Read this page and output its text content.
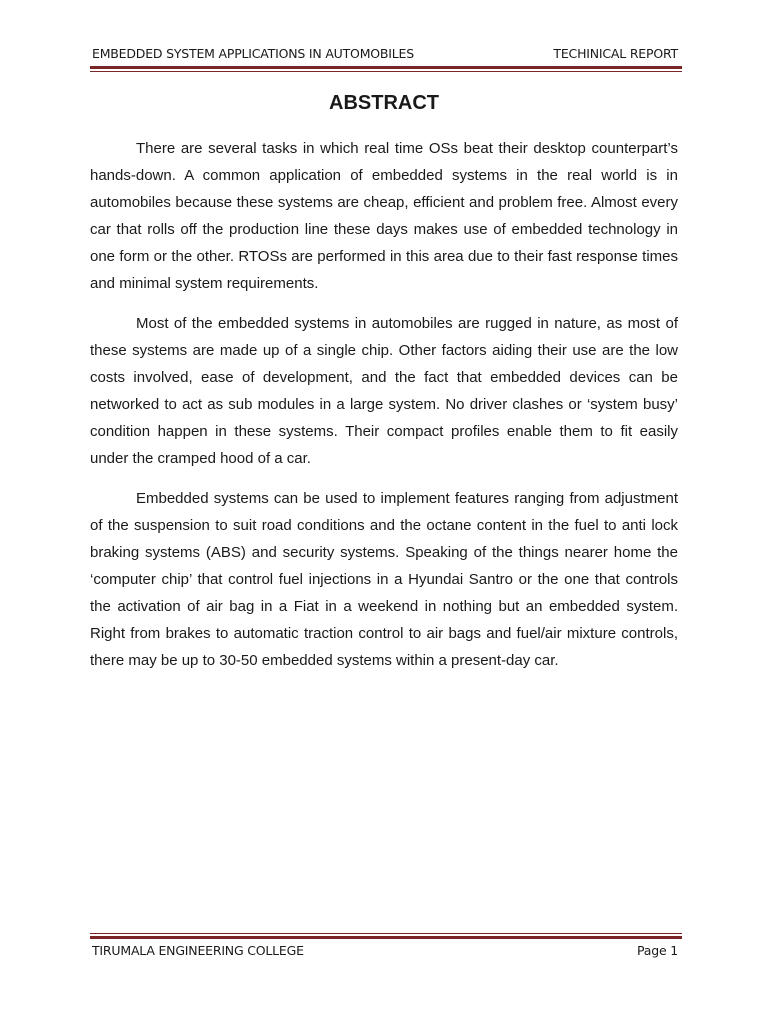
EMBEDDED SYSTEM APPLICATIONS IN AUTOMOBILES	TECHINICAL REPORT
ABSTRACT

There are several tasks in which real time OSs beat their desktop counterpart’s hands-down. A common application of embedded systems in the real world is in automobiles because these systems are cheap, efficient and problem free. Almost every car that rolls off the production line these days makes use of embedded technology in one form or the other. RTOSs are performed in this area due to their fast response times and minimal system requirements.

Most of the embedded systems in automobiles are rugged in nature, as most of these systems are made up of a single chip. Other factors aiding their use are the low costs involved, ease of development, and the fact that embedded devices can be networked to act as sub modules in a large system. No driver clashes or ‘system busy’ condition happen in these systems. Their compact profiles enable them to fit easily under the cramped hood of a car.

Embedded systems can be used to implement features ranging from adjustment of the suspension to suit road conditions and the octane content in the fuel to anti lock braking systems (ABS) and security systems. Speaking of the things nearer home the ‘computer chip’ that control fuel injections in a Hyundai Santro or the one that controls the activation of air bag in a Fiat in a weekend in nothing but an embedded system. Right from brakes to automatic traction control to air bags and fuel/air mixture controls, there may be up to 30-50 embedded systems within a present-day car.

TIRUMALA ENGINEERING COLLEGE	Page 1
